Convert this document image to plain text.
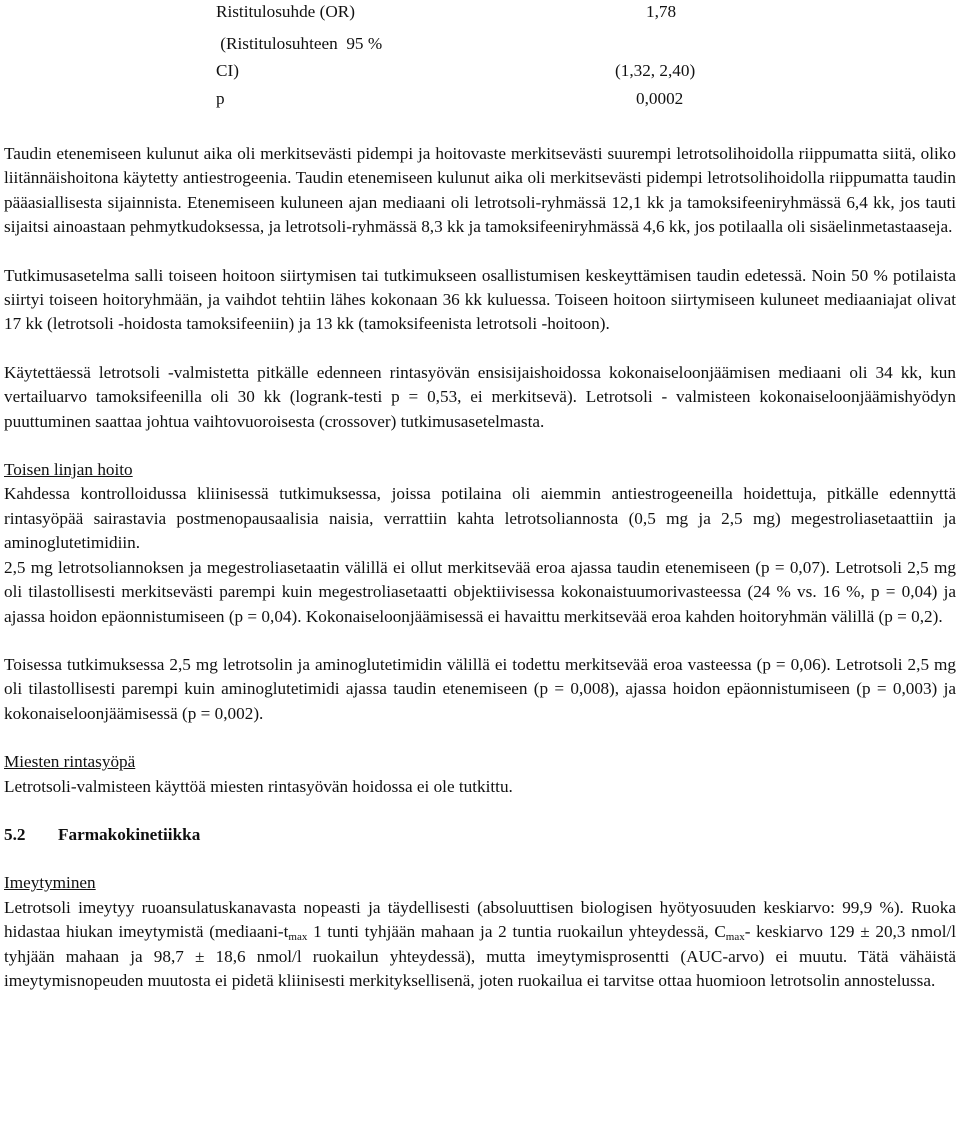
Ristitulosuhde (OR)	1,78
(Ristitulosuhteen  95 %
CI)	(1,32, 2,40)
p	0,0002

Taudin etenemiseen kulunut aika oli merkitsevästi pidempi ja hoitovaste merkitsevästi suurempi letrotsolihoidolla riippumatta siitä, oliko liitännäishoitona käytetty antiestrogeenia. Taudin etenemiseen kulunut aika oli merkitsevästi pidempi letrotsolihoidolla riippumatta taudin pääasiallisesta sijainnista. Etenemiseen kuluneen ajan mediaani oli letrotsoli-ryhmässä 12,1 kk ja tamoksifeeniryhmässä 6,4 kk, jos tauti sijaitsi ainoastaan pehmytkudoksessa, ja letrotsoli-ryhmässä 8,3 kk ja tamoksifeeniryhmässä 4,6 kk, jos potilaalla oli sisäelinmetastaaseja.

Tutkimusasetelma salli toiseen hoitoon siirtymisen tai tutkimukseen osallistumisen keskeyttämisen taudin edetessä. Noin 50 % potilaista siirtyi toiseen hoitoryhmään, ja vaihdot tehtiin lähes kokonaan 36 kk kuluessa. Toiseen hoitoon siirtymiseen kuluneet mediaaniajat olivat 17 kk (letrotsoli -hoidosta tamoksifeeniin) ja 13 kk (tamoksifeenista letrotsoli -hoitoon).

Käytettäessä letrotsoli -valmistetta pitkälle edenneen rintasyövän ensisijaishoidossa kokonaiseloonjäämisen mediaani oli 34 kk, kun vertailuarvo tamoksifeenilla oli 30 kk (logrank-testi p = 0,53, ei merkitsevä). Letrotsoli - valmisteen kokonaiseloonjäämishyödyn puuttuminen saattaa johtua vaihtovuoroisesta (crossover) tutkimusasetelmasta.

Toisen linjan hoito

Kahdessa kontrolloidussa kliinisessä tutkimuksessa, joissa potilaina oli aiemmin antiestrogeeneilla hoidettuja, pitkälle edennyttä rintasyöpää sairastavia postmenopausaalisia naisia, verrattiin kahta letrotsoliannosta (0,5 mg ja 2,5 mg) megestroliasetaattiin ja aminoglutetimidiin.

2,5 mg letrotsoliannoksen ja megestroliasetaatin välillä ei ollut merkitsevää eroa ajassa taudin etenemiseen (p = 0,07). Letrotsoli 2,5 mg oli tilastollisesti merkitsevästi parempi kuin megestroliasetaatti objektiivisessa kokonaistuumorivasteessa (24 % vs. 16 %, p = 0,04) ja ajassa hoidon epäonnistumiseen (p = 0,04). Kokonaiseloonjäämisessä ei havaittu merkitsevää eroa kahden hoitoryhmän välillä (p = 0,2).

Toisessa tutkimuksessa 2,5 mg letrotsolin ja aminoglutetimidin välillä ei todettu merkitsevää eroa vasteessa (p = 0,06). Letrotsoli 2,5 mg oli tilastollisesti parempi kuin aminoglutetimidi ajassa taudin etenemiseen (p = 0,008), ajassa hoidon epäonnistumiseen (p = 0,003) ja kokonaiseloonjäämisessä (p = 0,002).

Miesten rintasyöpä

Letrotsoli-valmisteen käyttöä miesten rintasyövän hoidossa ei ole tutkittu.

5.2 Farmakokinetiikka

Imeytyminen

Letrotsoli imeytyy ruoansulatuskanavasta nopeasti ja täydellisesti (absoluuttisen biologisen hyötyosuuden keskiarvo: 99,9 %). Ruoka hidastaa hiukan imeytymistä ($mediaani-t_{max}$ 1 tunti tyhjään mahaan ja 2 tuntia ruokailun yhteydessä, $C_{max}-$ keskiarvo 129 ± 20,3 nmol/l tyhjään mahaan ja 98,7 ± 18,6 nmol/l ruokailun yhteydessä), mutta imeytymisprosentti (AUC-arvo) ei muutu. Tätä vähäistä imeytymisnopeuden muutosta ei pidetä kliinisesti merkityksellisenä, joten ruokailua ei tarvitse ottaa huomioon letrotsolin annostelussa.
